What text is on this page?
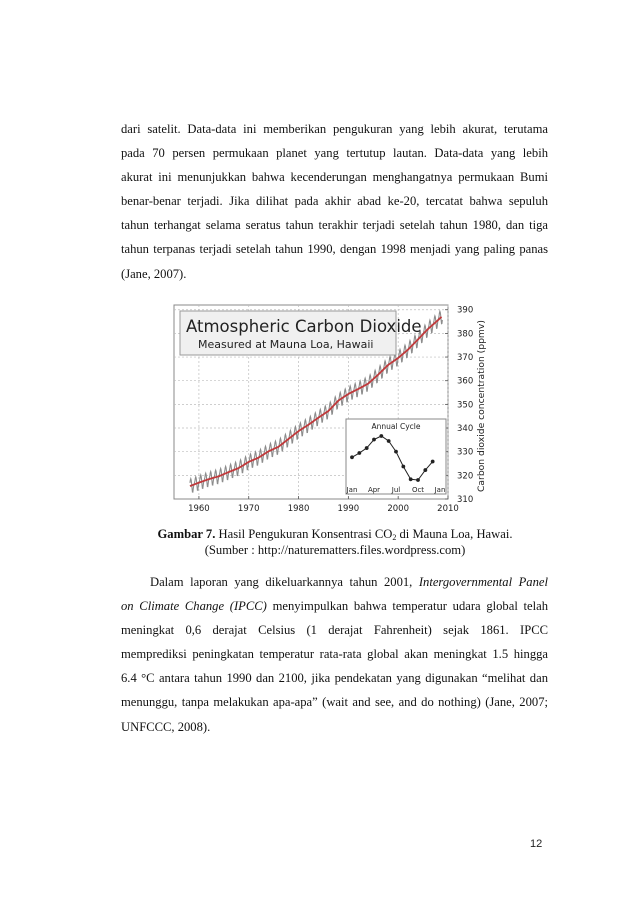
dari satelit. Data-data ini memberikan pengukuran yang lebih akurat, terutama
pada 70 persen permukaan planet yang tertutup lautan. Data-data yang lebih
akurat ini menunjukkan bahwa kecenderungan menghangatnya permukaan Bumi
benar-benar terjadi. Jika dilihat pada akhir abad ke-20, tercatat bahwa sepuluh
tahun terhangat selama seratus tahun terakhir terjadi setelah tahun 1980, dan tiga
tahun terpanas terjadi setelah tahun 1990, dengan 1998 menjadi yang paling panas
(Jane, 2007).
1960	1970	1980	1990	2000	2010
310
320
330
340
350
360
370
380
390
Atmospheric Carbon Dioxide
Measured at Mauna Loa, Hawaii	Carbon dioxide concentration (ppmv)
Annual Cycle
Jan Apr Jul Oct Jan
Gambar 7. Hasil Pengukuran Konsentrasi $CO_2$ di Mauna Loa, Hawai.
(Sumber : http://naturematters.files.wordpress.com)
Dalam laporan yang dikeluarkannya tahun 2001, Intergovernmental Panel
on Climate Change (IPCC) menyimpulkan bahwa temperatur udara global telah
meningkat 0,6 derajat Celsius (1 derajat Fahrenheit) sejak 1861. IPCC
memprediksi peningkatan temperatur rata-rata global akan meningkat 1.5 hingga
6.4 °C antara tahun 1990 dan 2100, jika pendekatan yang digunakan “melihat dan
menunggu, tanpa melakukan apa-apa” (wait and see, and do nothing) (Jane, 2007;
UNFCCC, 2008).
12
